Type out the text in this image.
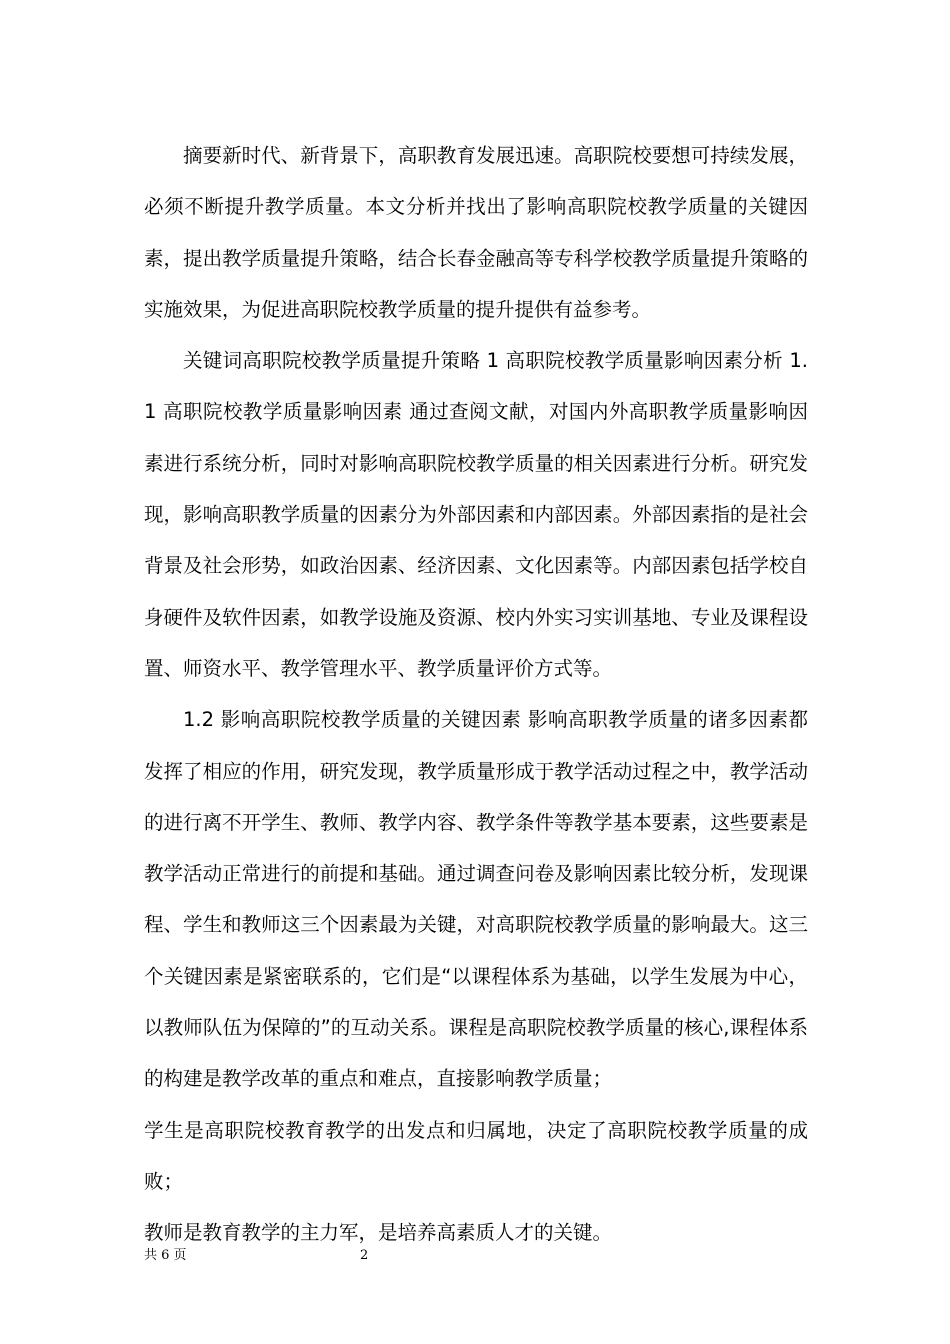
摘要新时代、新背景下，高职教育发展迅速。高职院校要想可持续发展，必须不断提升教学质量。本文分析并找出了影响高职院校教学质量的关键因素，提出教学质量提升策略，结合长春金融高等专科学校教学质量提升策略的实施效果，为促进高职院校教学质量的提升提供有益参考。

关键词高职院校教学质量提升策略 1 高职院校教学质量影响因素分析 1.1 高职院校教学质量影响因素 通过查阅文献，对国内外高职教学质量影响因素进行系统分析，同时对影响高职院校教学质量的相关因素进行分析。研究发现，影响高职教学质量的因素分为外部因素和内部因素。外部因素指的是社会背景及社会形势，如政治因素、经济因素、文化因素等。内部因素包括学校自身硬件及软件因素，如教学设施及资源、校内外实习实训基地、专业及课程设置、师资水平、教学管理水平、教学质量评价方式等。

1.2 影响高职院校教学质量的关键因素 影响高职教学质量的诸多因素都发挥了相应的作用，研究发现，教学质量形成于教学活动过程之中，教学活动的进行离不开学生、教师、教学内容、教学条件等教学基本要素，这些要素是教学活动正常进行的前提和基础。通过调查问卷及影响因素比较分析，发现课程、学生和教师这三个因素最为关键，对高职院校教学质量的影响最大。这三个关键因素是紧密联系的，它们是“以课程体系为基础，以学生发展为中心，以教师队伍为保障的”的互动关系。课程是高职院校教学质量的核心,课程体系的构建是教学改革的重点和难点，直接影响教学质量；

学生是高职院校教育教学的出发点和归属地，决定了高职院校教学质量的成败；

教师是教育教学的主力军，是培养高素质人才的关键。

共 6 页	2
